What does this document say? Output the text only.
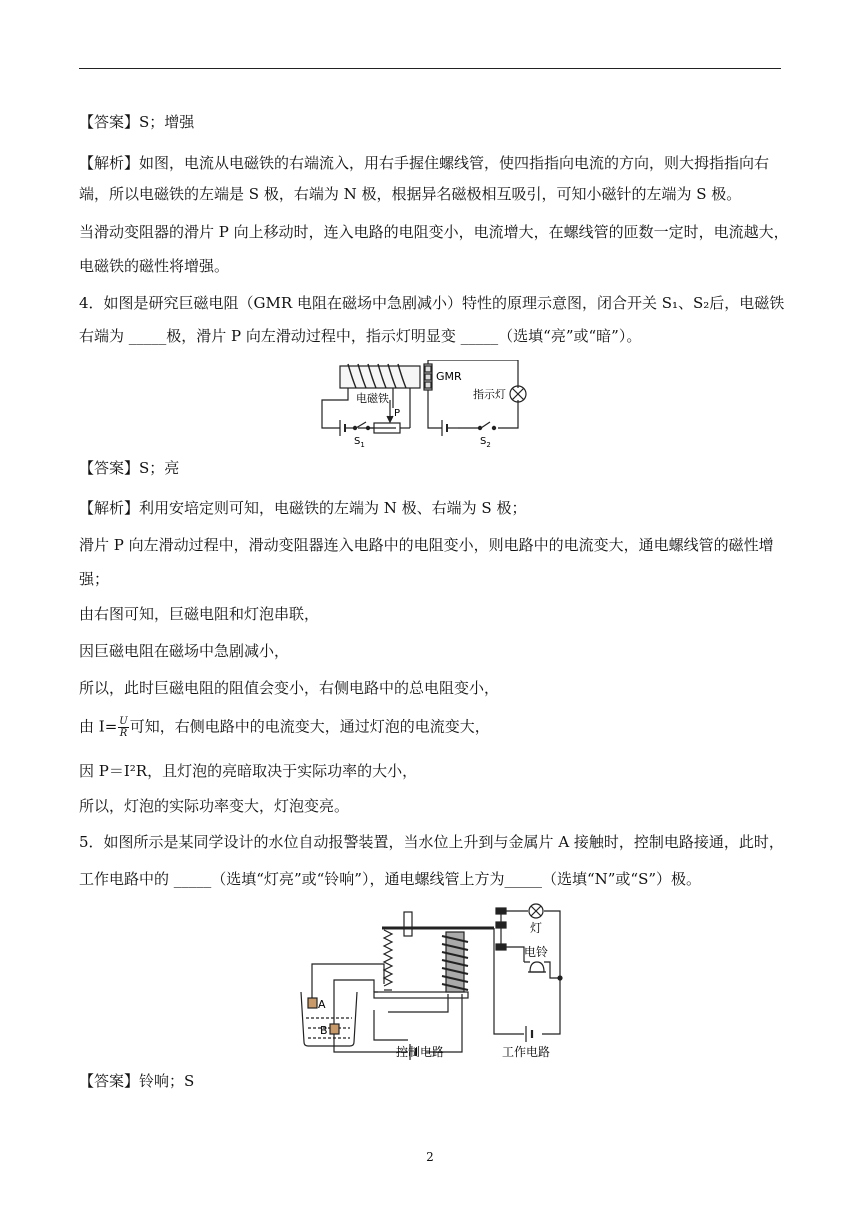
【答案】S；增强
【解析】如图，电流从电磁铁的右端流入，用右手握住螺线管，使四指指向电流的方向，则大拇指指向右
端，所以电磁铁的左端是 S 极，右端为 N 极，根据异名磁极相互吸引，可知小磁针的左端为 S 极。
当滑动变阻器的滑片 P 向上移动时，连入电路的电阻变小，电流增大，在螺线管的匝数一定时，电流越大，
电磁铁的磁性将增强。
4．如图是研究巨磁电阻（GMR 电阻在磁场中急剧减小）特性的原理示意图，闭合开关 S₁、S₂后，电磁铁
右端为 _____极，滑片 P 向左滑动过程中，指示灯明显变 _____（选填“亮”或“暗”）。
电磁铁
GMR
指示灯
P
$S_1$	$S_2$
【答案】S；亮
【解析】利用安培定则可知，电磁铁的左端为 N 极、右端为 S 极；
滑片 P 向左滑动过程中，滑动变阻器连入电路中的电阻变小，则电路中的电流变大，通电螺线管的磁性增
强；
由右图可知，巨磁电阻和灯泡串联，
因巨磁电阻在磁场中急剧减小，
所以，此时巨磁电阻的阻值会变小，右侧电路中的总电阻变小，
由 $I= \frac{U}{R}$ 可知，右侧电路中的电流变大，通过灯泡的电流变大，
因 P＝I²R，且灯泡的亮暗取决于实际功率的大小，
所以，灯泡的实际功率变大，灯泡变亮。
5．如图所示是某同学设计的水位自动报警装置，当水位上升到与金属片 A 接触时，控制电路接通，此时，
工作电路中的 _____（选填“灯亮”或“铃响”），通电螺线管上方为_____（选填“N”或“S”）极。
A
B
灯
电铃
控制电路	工作电路
【答案】铃响；S
2
